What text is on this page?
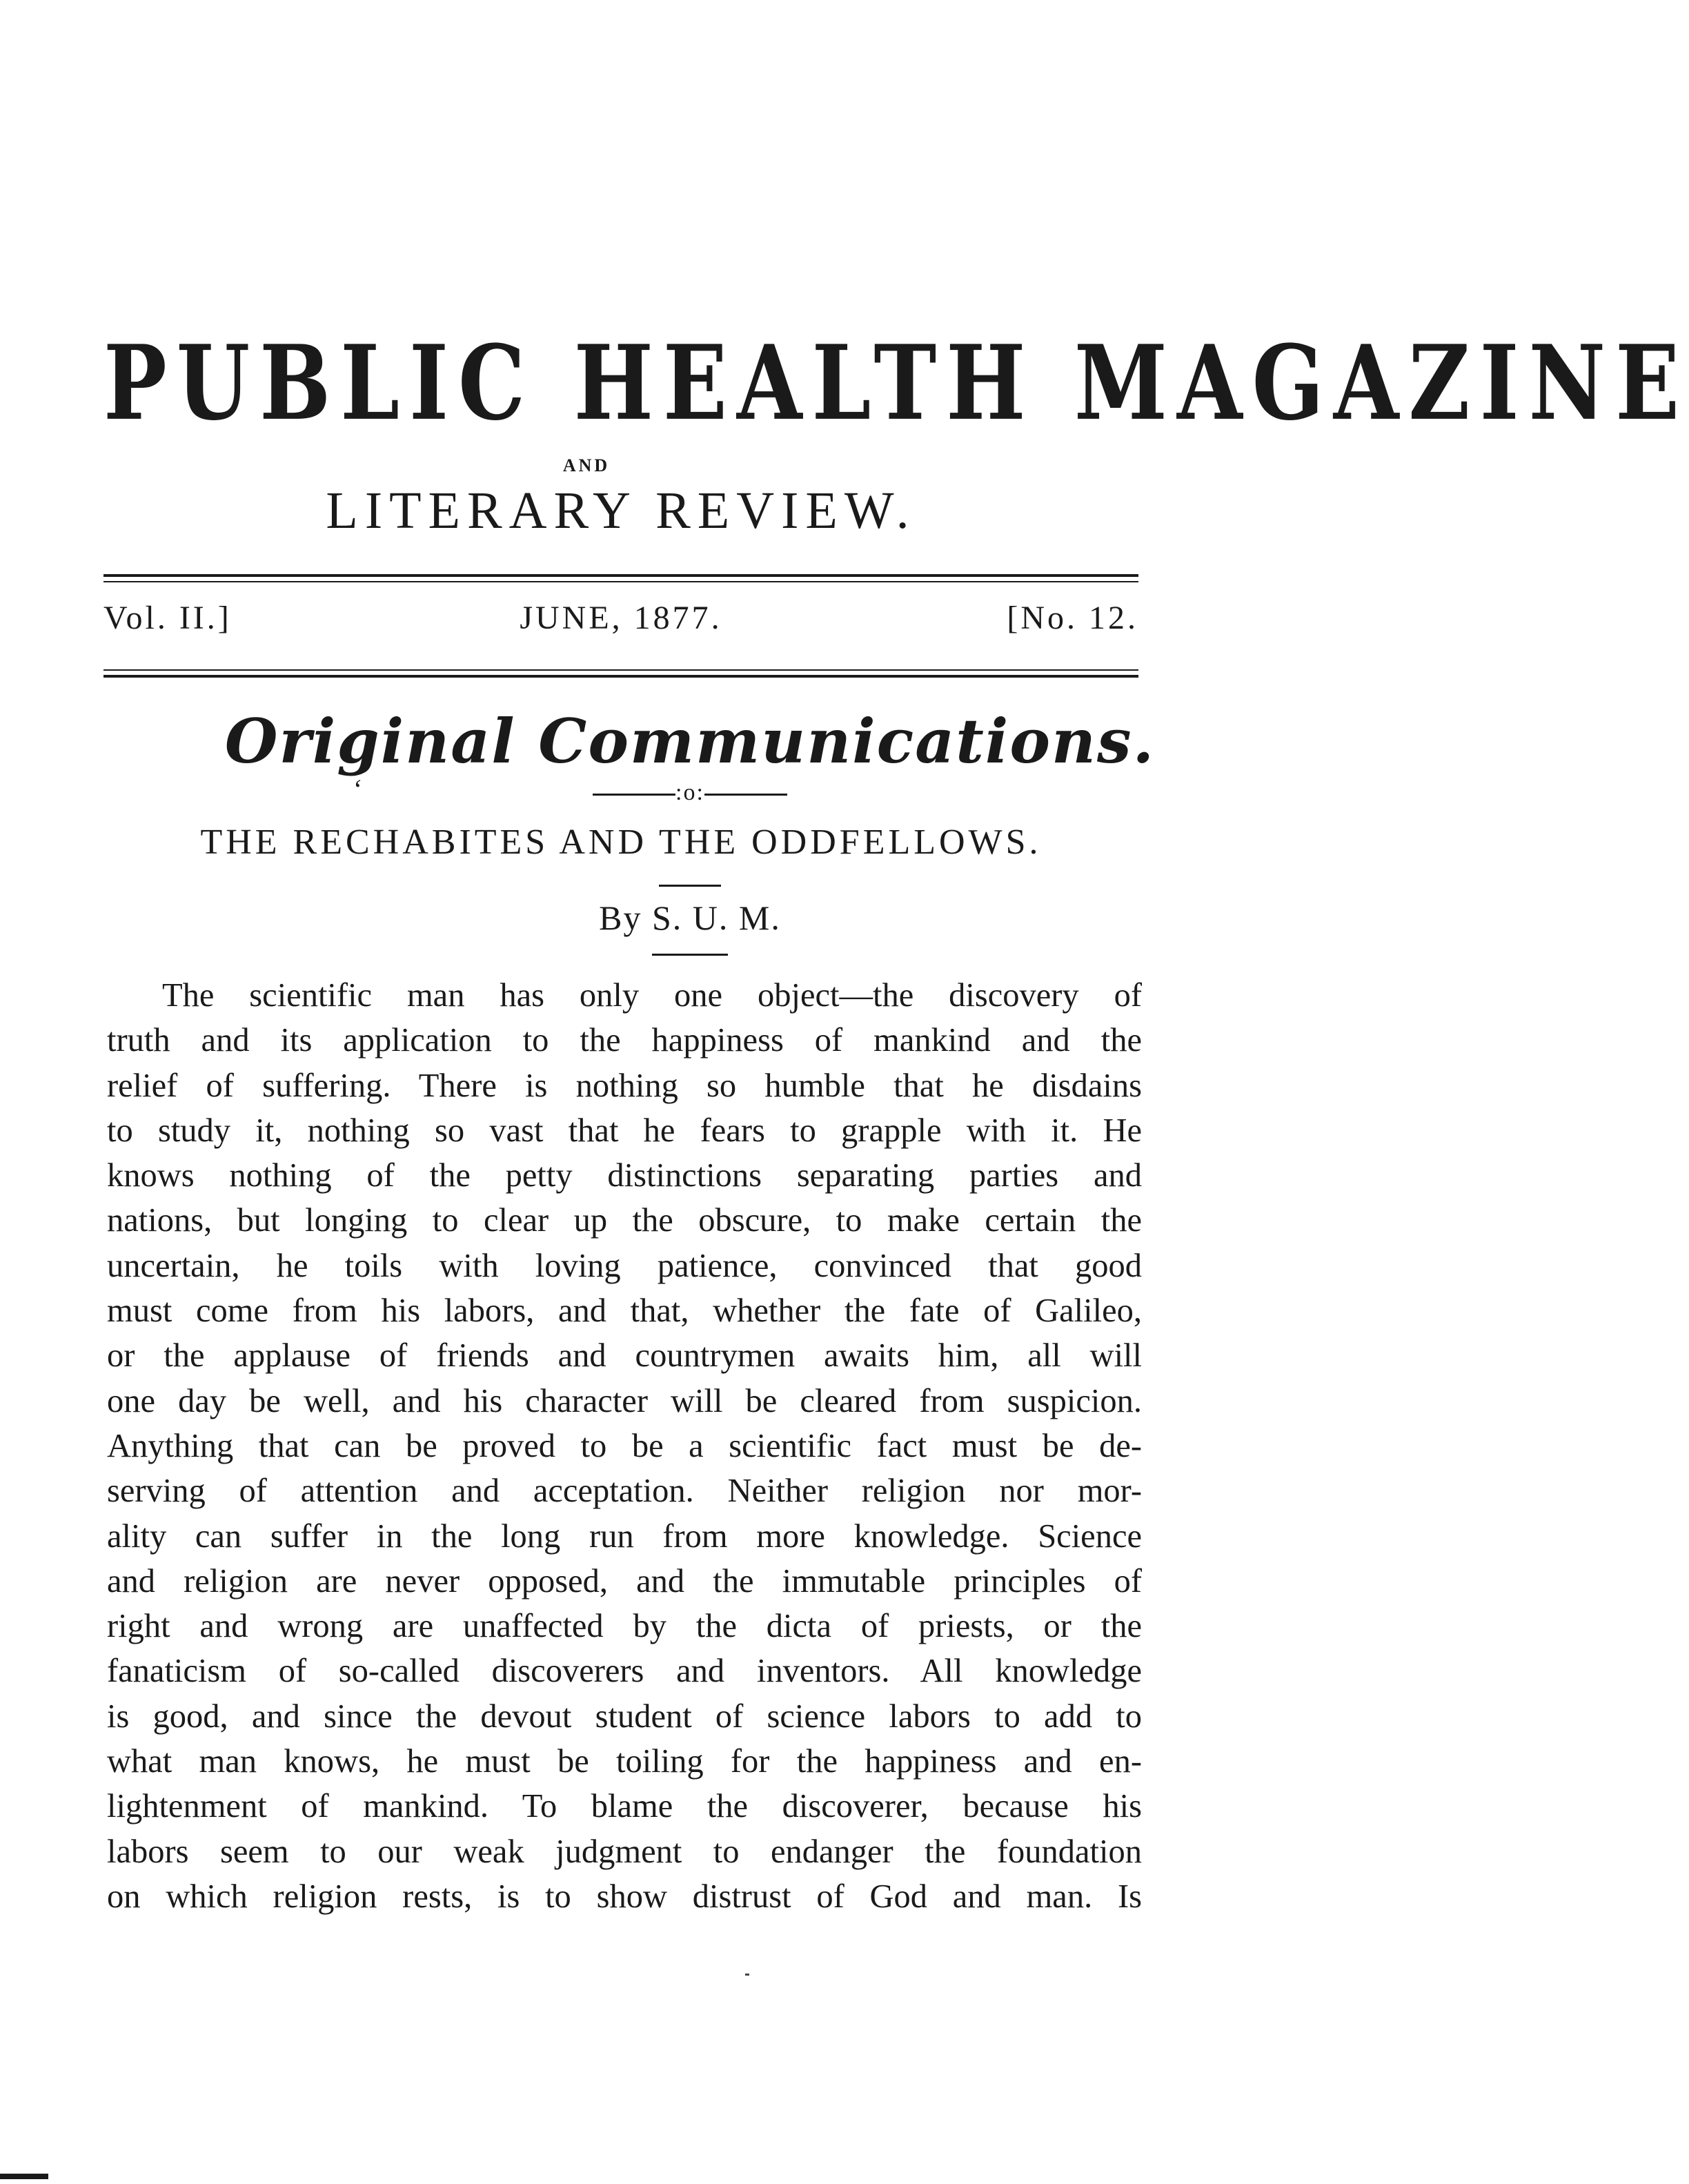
PUBLIC HEALTH MAGAZINE
AND
LITERARY REVIEW.
Vol. II.]	JUNE, 1877.	[No. 12.
Original Communications.
ʻ	:o:
THE RECHABITES AND THE ODDFELLOWS.
By S. U. M.
The scientific man has only one object—the discovery of
truth and its application to the happiness of mankind and the
relief of suffering. There is nothing so humble that he disdains
to study it, nothing so vast that he fears to grapple with it. He
knows nothing of the petty distinctions separating parties and
nations, but longing to clear up the obscure, to make certain the
uncertain, he toils with loving patience, convinced that good
must come from his labors, and that, whether the fate of Galileo,
or the applause of friends and countrymen awaits him, all will
one day be well, and his character will be cleared from suspicion.
Anything that can be proved to be a scientific fact must be de-
serving of attention and acceptation. Neither religion nor mor-
ality can suffer in the long run from more knowledge. Science
and religion are never opposed, and the immutable principles of
right and wrong are unaffected by the dicta of priests, or the
fanaticism of so-called discoverers and inventors. All knowledge
is good, and since the devout student of science labors to add to
what man knows, he must be toiling for the happiness and en-
lightenment of mankind. To blame the discoverer, because his
labors seem to our weak judgment to endanger the foundation
on which religion rests, is to show distrust of God and man. Is
